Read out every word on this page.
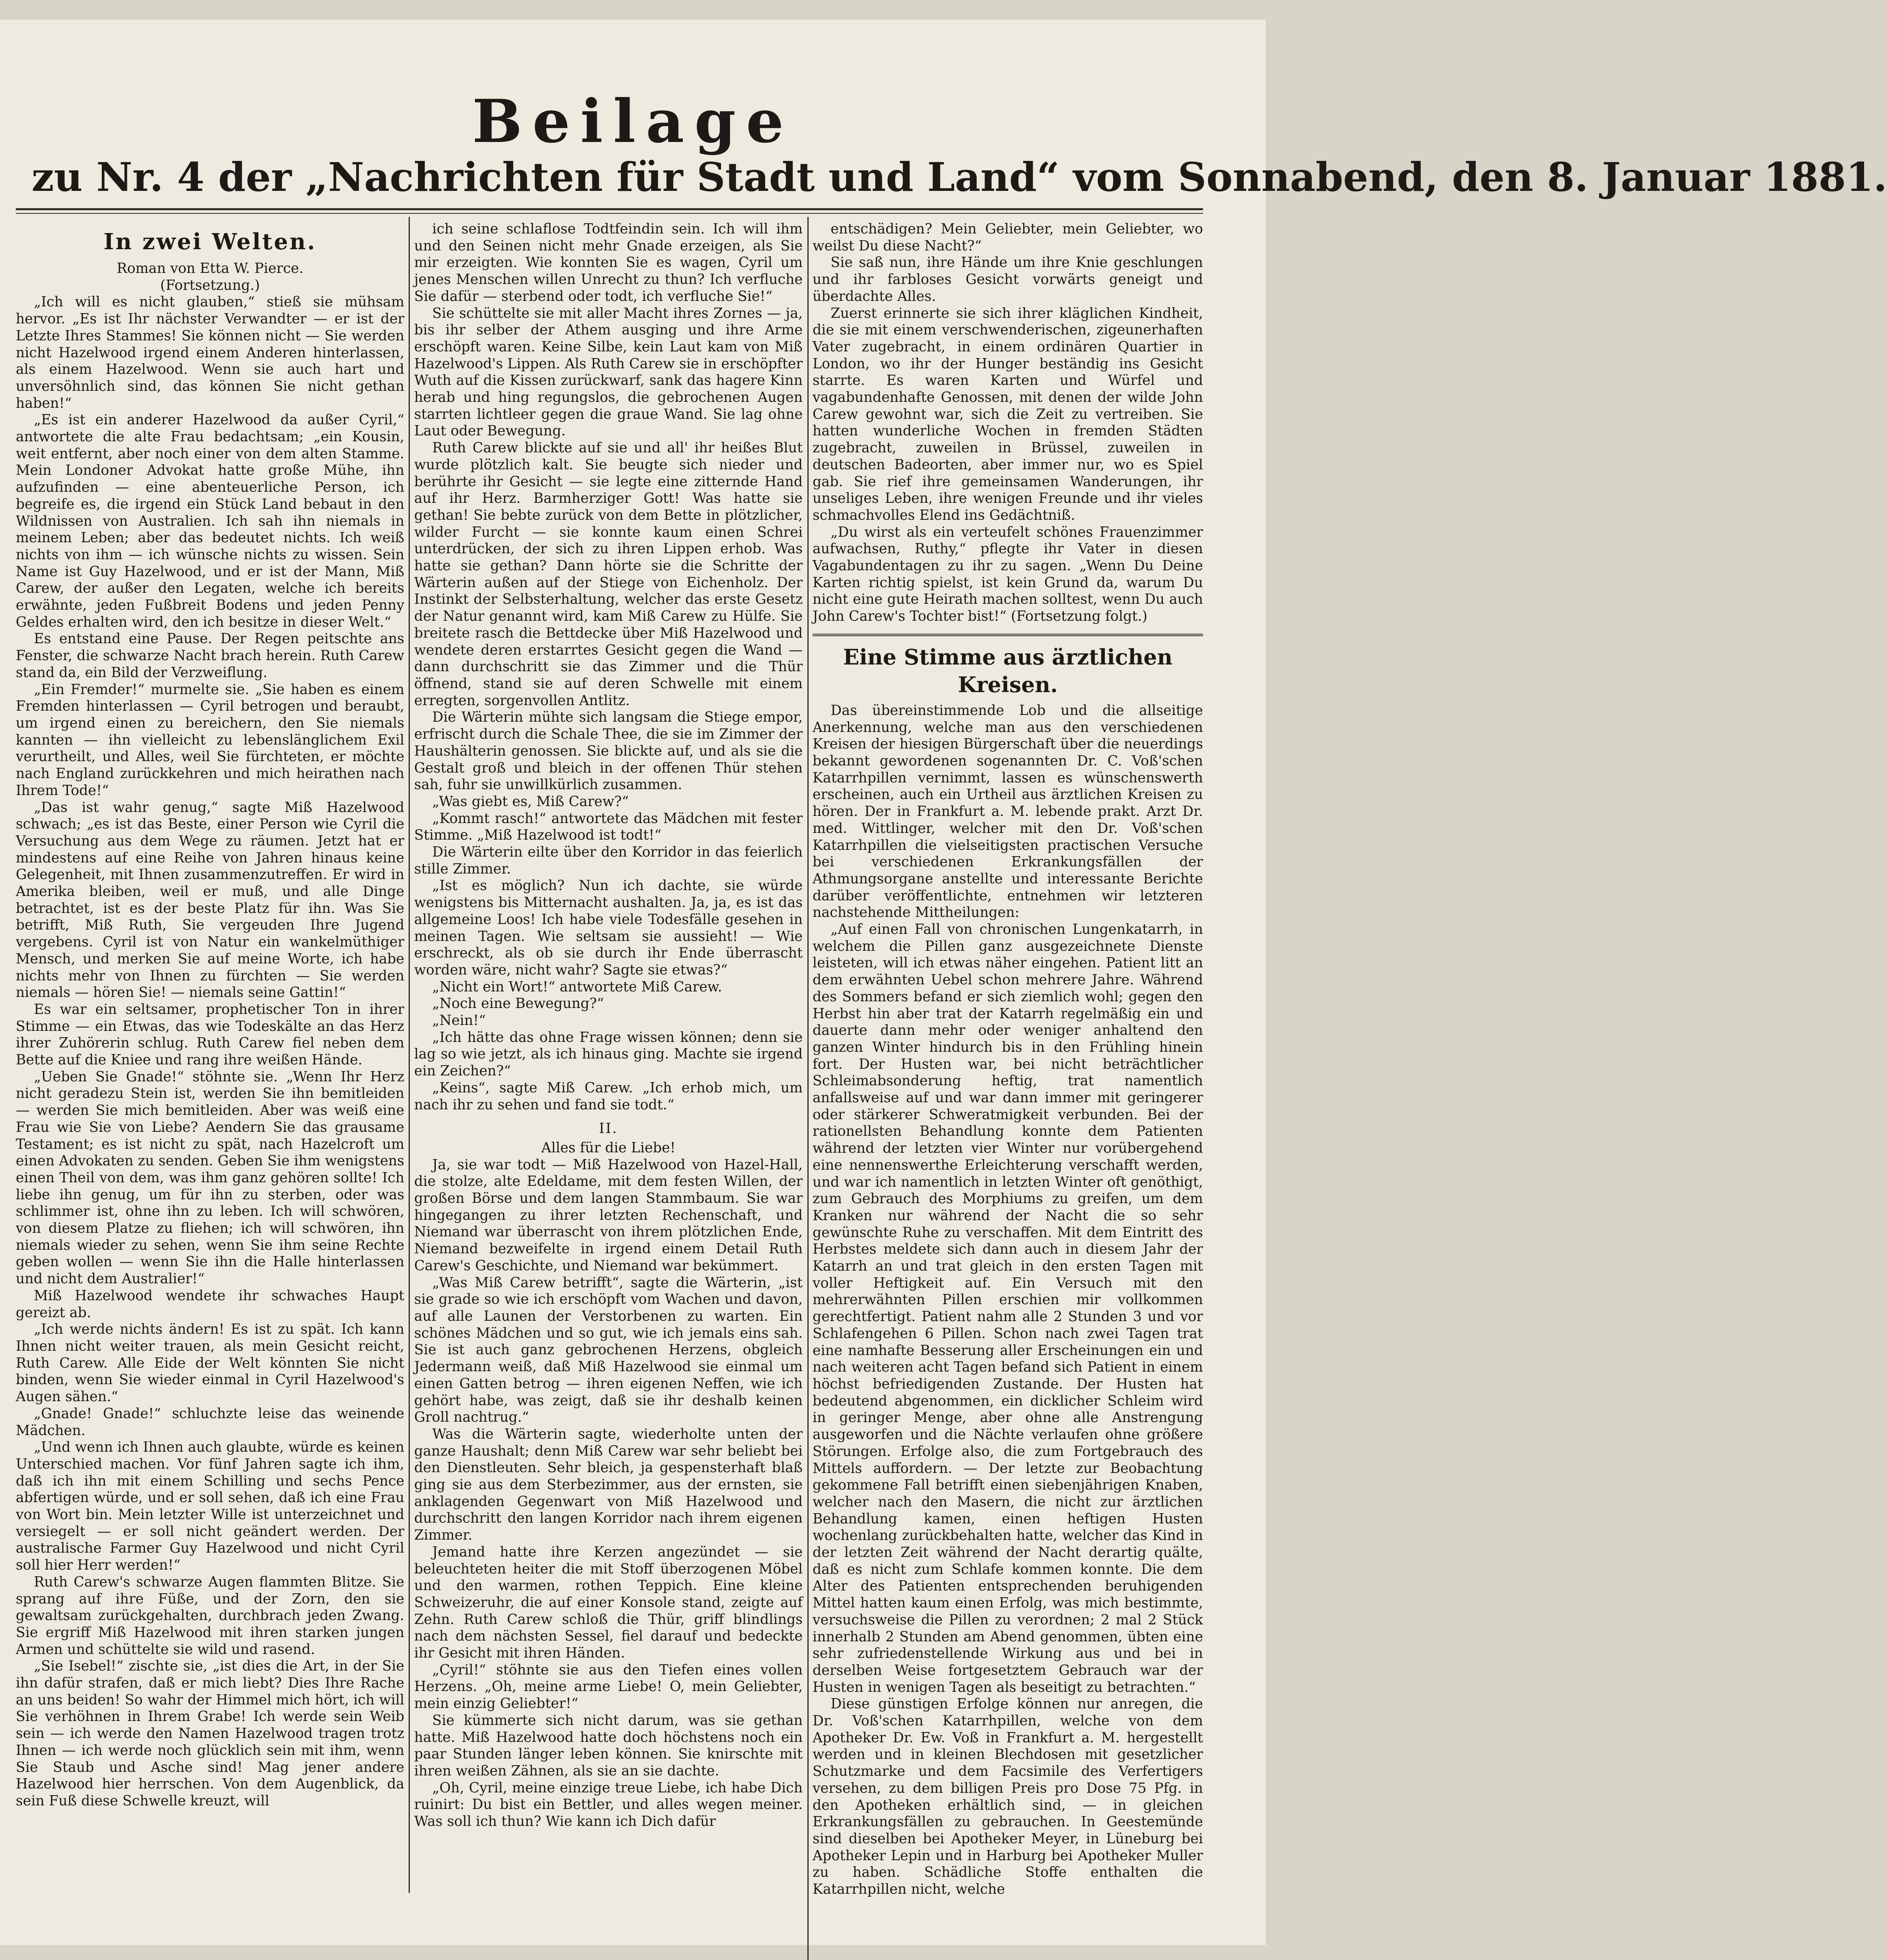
Beilage
zu Nr. 4 der „Nachrichten für Stadt und Land“ vom Sonnabend, den 8. Januar 1881.
In zwei Welten.

Roman von Etta W. Pierce.

(Fortsetzung.)

„Ich will es nicht glauben,“ stieß sie mühsam hervor. „Es ist Ihr nächster Verwandter — er ist der Letzte Ihres Stammes! Sie können nicht — Sie werden nicht Hazelwood irgend einem Anderen hinterlassen, als einem Hazelwood. Wenn sie auch hart und unversöhnlich sind, das können Sie nicht gethan haben!“

„Es ist ein anderer Hazelwood da außer Cyril,“ antwortete die alte Frau bedachtsam; „ein Kousin, weit entfernt, aber noch einer von dem alten Stamme. Mein Londoner Advokat hatte große Mühe, ihn aufzufinden — eine abenteuerliche Person, ich begreife es, die irgend ein Stück Land bebaut in den Wildnissen von Australien. Ich sah ihn niemals in meinem Leben; aber das bedeutet nichts. Ich weiß nichts von ihm — ich wünsche nichts zu wissen. Sein Name ist Guy Hazelwood, und er ist der Mann, Miß Carew, der außer den Legaten, welche ich bereits erwähnte, jeden Fußbreit Bodens und jeden Penny Geldes erhalten wird, den ich besitze in dieser Welt.“

Es entstand eine Pause. Der Regen peitschte ans Fenster, die schwarze Nacht brach herein. Ruth Carew stand da, ein Bild der Verzweiflung.

„Ein Fremder!“ murmelte sie. „Sie haben es einem Fremden hinterlassen — Cyril betrogen und beraubt, um irgend einen zu bereichern, den Sie niemals kannten — ihn vielleicht zu lebenslänglichem Exil verurtheilt, und Alles, weil Sie fürchteten, er möchte nach England zurückkehren und mich heirathen nach Ihrem Tode!“

„Das ist wahr genug,“ sagte Miß Hazelwood schwach; „es ist das Beste, einer Person wie Cyril die Versuchung aus dem Wege zu räumen. Jetzt hat er mindestens auf eine Reihe von Jahren hinaus keine Gelegenheit, mit Ihnen zusammenzutreffen. Er wird in Amerika bleiben, weil er muß, und alle Dinge betrachtet, ist es der beste Platz für ihn. Was Sie betrifft, Miß Ruth, Sie vergeuden Ihre Jugend vergebens. Cyril ist von Natur ein wankelmüthiger Mensch, und merken Sie auf meine Worte, ich habe nichts mehr von Ihnen zu fürchten — Sie werden niemals — hören Sie! — niemals seine Gattin!“

Es war ein seltsamer, prophetischer Ton in ihrer Stimme — ein Etwas, das wie Todeskälte an das Herz ihrer Zuhörerin schlug. Ruth Carew fiel neben dem Bette auf die Kniee und rang ihre weißen Hände.

„Ueben Sie Gnade!“ stöhnte sie. „Wenn Ihr Herz nicht geradezu Stein ist, werden Sie ihn bemitleiden — werden Sie mich bemitleiden. Aber was weiß eine Frau wie Sie von Liebe? Aendern Sie das grausame Testament; es ist nicht zu spät, nach Hazelcroft um einen Advokaten zu senden. Geben Sie ihm wenigstens einen Theil von dem, was ihm ganz gehören sollte! Ich liebe ihn genug, um für ihn zu sterben, oder was schlimmer ist, ohne ihn zu leben. Ich will schwören, von diesem Platze zu fliehen; ich will schwören, ihn niemals wieder zu sehen, wenn Sie ihm seine Rechte geben wollen — wenn Sie ihn die Halle hinterlassen und nicht dem Australier!“

Miß Hazelwood wendete ihr schwaches Haupt gereizt ab.

„Ich werde nichts ändern! Es ist zu spät. Ich kann Ihnen nicht weiter trauen, als mein Gesicht reicht, Ruth Carew. Alle Eide der Welt könnten Sie nicht binden, wenn Sie wieder einmal in Cyril Hazelwood's Augen sähen.“

„Gnade! Gnade!“ schluchzte leise das weinende Mädchen.

„Und wenn ich Ihnen auch glaubte, würde es keinen Unterschied machen. Vor fünf Jahren sagte ich ihm, daß ich ihn mit einem Schilling und sechs Pence abfertigen würde, und er soll sehen, daß ich eine Frau von Wort bin. Mein letzter Wille ist unterzeichnet und versiegelt — er soll nicht geändert werden. Der australische Farmer Guy Hazelwood und nicht Cyril soll hier Herr werden!“

Ruth Carew's schwarze Augen flammten Blitze. Sie sprang auf ihre Füße, und der Zorn, den sie gewaltsam zurückgehalten, durchbrach jeden Zwang. Sie ergriff Miß Hazelwood mit ihren starken jungen Armen und schüttelte sie wild und rasend.

„Sie Isebel!“ zischte sie, „ist dies die Art, in der Sie ihn dafür strafen, daß er mich liebt? Dies Ihre Rache an uns beiden! So wahr der Himmel mich hört, ich will Sie verhöhnen in Ihrem Grabe! Ich werde sein Weib sein — ich werde den Namen Hazelwood tragen trotz Ihnen — ich werde noch glücklich sein mit ihm, wenn Sie Staub und Asche sind! Mag jener andere Hazelwood hier herrschen. Von dem Augenblick, da sein Fuß diese Schwelle kreuzt, will

ich seine schlaflose Todtfeindin sein. Ich will ihm und den Seinen nicht mehr Gnade erzeigen, als Sie mir erzeigten. Wie konnten Sie es wagen, Cyril um jenes Menschen willen Unrecht zu thun? Ich verfluche Sie dafür — sterbend oder todt, ich verfluche Sie!“

Sie schüttelte sie mit aller Macht ihres Zornes — ja, bis ihr selber der Athem ausging und ihre Arme erschöpft waren. Keine Silbe, kein Laut kam von Miß Hazelwood's Lippen. Als Ruth Carew sie in erschöpfter Wuth auf die Kissen zurückwarf, sank das hagere Kinn herab und hing regungslos, die gebrochenen Augen starrten lichtleer gegen die graue Wand. Sie lag ohne Laut oder Bewegung.

Ruth Carew blickte auf sie und all' ihr heißes Blut wurde plötzlich kalt. Sie beugte sich nieder und berührte ihr Gesicht — sie legte eine zitternde Hand auf ihr Herz. Barmherziger Gott! Was hatte sie gethan! Sie bebte zurück von dem Bette in plötzlicher, wilder Furcht — sie konnte kaum einen Schrei unterdrücken, der sich zu ihren Lippen erhob. Was hatte sie gethan? Dann hörte sie die Schritte der Wärterin außen auf der Stiege von Eichenholz. Der Instinkt der Selbsterhaltung, welcher das erste Gesetz der Natur genannt wird, kam Miß Carew zu Hülfe. Sie breitete rasch die Bettdecke über Miß Hazelwood und wendete deren erstarrtes Gesicht gegen die Wand — dann durchschritt sie das Zimmer und die Thür öffnend, stand sie auf deren Schwelle mit einem erregten, sorgenvollen Antlitz.

Die Wärterin mühte sich langsam die Stiege empor, erfrischt durch die Schale Thee, die sie im Zimmer der Haushälterin genossen. Sie blickte auf, und als sie die Gestalt groß und bleich in der offenen Thür stehen sah, fuhr sie unwillkürlich zusammen.

„Was giebt es, Miß Carew?“

„Kommt rasch!“ antwortete das Mädchen mit fester Stimme. „Miß Hazelwood ist todt!“

Die Wärterin eilte über den Korridor in das feierlich stille Zimmer.

„Ist es möglich? Nun ich dachte, sie würde wenigstens bis Mitternacht aushalten. Ja, ja, es ist das allgemeine Loos! Ich habe viele Todesfälle gesehen in meinen Tagen. Wie seltsam sie aussieht! — Wie erschreckt, als ob sie durch ihr Ende überrascht worden wäre, nicht wahr? Sagte sie etwas?“

„Nicht ein Wort!“ antwortete Miß Carew.

„Noch eine Bewegung?“

„Nein!“

„Ich hätte das ohne Frage wissen können; denn sie lag so wie jetzt, als ich hinaus ging. Machte sie irgend ein Zeichen?“

„Keins“, sagte Miß Carew. „Ich erhob mich, um nach ihr zu sehen und fand sie todt.“

II.

Alles für die Liebe!

Ja, sie war todt — Miß Hazelwood von Hazel-Hall, die stolze, alte Edeldame, mit dem festen Willen, der großen Börse und dem langen Stammbaum. Sie war hingegangen zu ihrer letzten Rechenschaft, und Niemand war überrascht von ihrem plötzlichen Ende, Niemand bezweifelte in irgend einem Detail Ruth Carew's Geschichte, und Niemand war bekümmert.

„Was Miß Carew betrifft“, sagte die Wärterin, „ist sie grade so wie ich erschöpft vom Wachen und davon, auf alle Launen der Verstorbenen zu warten. Ein schönes Mädchen und so gut, wie ich jemals eins sah. Sie ist auch ganz gebrochenen Herzens, obgleich Jedermann weiß, daß Miß Hazelwood sie einmal um einen Gatten betrog — ihren eigenen Neffen, wie ich gehört habe, was zeigt, daß sie ihr deshalb keinen Groll nachtrug.“

Was die Wärterin sagte, wiederholte unten der ganze Haushalt; denn Miß Carew war sehr beliebt bei den Dienstleuten. Sehr bleich, ja gespensterhaft blaß ging sie aus dem Sterbezimmer, aus der ernsten, sie anklagenden Gegenwart von Miß Hazelwood und durchschritt den langen Korridor nach ihrem eigenen Zimmer.

Jemand hatte ihre Kerzen angezündet — sie beleuchteten heiter die mit Stoff überzogenen Möbel und den warmen, rothen Teppich. Eine kleine Schweizeruhr, die auf einer Konsole stand, zeigte auf Zehn. Ruth Carew schloß die Thür, griff blindlings nach dem nächsten Sessel, fiel darauf und bedeckte ihr Gesicht mit ihren Händen.

„Cyril!“ stöhnte sie aus den Tiefen eines vollen Herzens. „Oh, meine arme Liebe! O, mein Geliebter, mein einzig Geliebter!“

Sie kümmerte sich nicht darum, was sie gethan hatte. Miß Hazelwood hatte doch höchstens noch ein paar Stunden länger leben können. Sie knirschte mit ihren weißen Zähnen, als sie an sie dachte.

„Oh, Cyril, meine einzige treue Liebe, ich habe Dich ruinirt: Du bist ein Bettler, und alles wegen meiner. Was soll ich thun? Wie kann ich Dich dafür

entschädigen? Mein Geliebter, mein Geliebter, wo weilst Du diese Nacht?“

Sie saß nun, ihre Hände um ihre Knie geschlungen und ihr farbloses Gesicht vorwärts geneigt und überdachte Alles.

Zuerst erinnerte sie sich ihrer kläglichen Kindheit, die sie mit einem verschwenderischen, zigeunerhaften Vater zugebracht, in einem ordinären Quartier in London, wo ihr der Hunger beständig ins Gesicht starrte. Es waren Karten und Würfel und vagabundenhafte Genossen, mit denen der wilde John Carew gewohnt war, sich die Zeit zu vertreiben. Sie hatten wunderliche Wochen in fremden Städten zugebracht, zuweilen in Brüssel, zuweilen in deutschen Badeorten, aber immer nur, wo es Spiel gab. Sie rief ihre gemeinsamen Wanderungen, ihr unseliges Leben, ihre wenigen Freunde und ihr vieles schmachvolles Elend ins Gedächtniß.

„Du wirst als ein verteufelt schönes Frauenzimmer aufwachsen, Ruthy,“ pflegte ihr Vater in diesen Vagabundentagen zu ihr zu sagen. „Wenn Du Deine Karten richtig spielst, ist kein Grund da, warum Du nicht eine gute Heirath machen solltest, wenn Du auch John Carew's Tochter bist!“ (Fortsetzung folgt.)

Eine Stimme aus ärztlichen Kreisen.

Das übereinstimmende Lob und die allseitige Anerkennung, welche man aus den verschiedenen Kreisen der hiesigen Bürgerschaft über die neuerdings bekannt gewordenen sogenannten Dr. C. Voß'schen Katarrhpillen vernimmt, lassen es wünschenswerth erscheinen, auch ein Urtheil aus ärztlichen Kreisen zu hören. Der in Frankfurt a. M. lebende prakt. Arzt Dr. med. Wittlinger, welcher mit den Dr. Voß'schen Katarrhpillen die vielseitigsten practischen Versuche bei verschiedenen Erkrankungsfällen der Athmungsorgane anstellte und interessante Berichte darüber veröffentlichte, entnehmen wir letzteren nachstehende Mittheilungen:

„Auf einen Fall von chronischen Lungenkatarrh, in welchem die Pillen ganz ausgezeichnete Dienste leisteten, will ich etwas näher eingehen. Patient litt an dem erwähnten Uebel schon mehrere Jahre. Während des Sommers befand er sich ziemlich wohl; gegen den Herbst hin aber trat der Katarrh regelmäßig ein und dauerte dann mehr oder weniger anhaltend den ganzen Winter hindurch bis in den Frühling hinein fort. Der Husten war, bei nicht beträchtlicher Schleimabsonderung heftig, trat namentlich anfallsweise auf und war dann immer mit geringerer oder stärkerer Schweratmigkeit verbunden. Bei der rationellsten Behandlung konnte dem Patienten während der letzten vier Winter nur vorübergehend eine nennenswerthe Erleichterung verschafft werden, und war ich namentlich in letzten Winter oft genöthigt, zum Gebrauch des Morphiums zu greifen, um dem Kranken nur während der Nacht die so sehr gewünschte Ruhe zu verschaffen. Mit dem Eintritt des Herbstes meldete sich dann auch in diesem Jahr der Katarrh an und trat gleich in den ersten Tagen mit voller Heftigkeit auf. Ein Versuch mit den mehrerwähnten Pillen erschien mir vollkommen gerechtfertigt. Patient nahm alle 2 Stunden 3 und vor Schlafengehen 6 Pillen. Schon nach zwei Tagen trat eine namhafte Besserung aller Erscheinungen ein und nach weiteren acht Tagen befand sich Patient in einem höchst befriedigenden Zustande. Der Husten hat bedeutend abgenommen, ein dicklicher Schleim wird in geringer Menge, aber ohne alle Anstrengung ausgeworfen und die Nächte verlaufen ohne größere Störungen. Erfolge also, die zum Fortgebrauch des Mittels auffordern. — Der letzte zur Beobachtung gekommene Fall betrifft einen siebenjährigen Knaben, welcher nach den Masern, die nicht zur ärztlichen Behandlung kamen, einen heftigen Husten wochenlang zurückbehalten hatte, welcher das Kind in der letzten Zeit während der Nacht derartig quälte, daß es nicht zum Schlafe kommen konnte. Die dem Alter des Patienten entsprechenden beruhigenden Mittel hatten kaum einen Erfolg, was mich bestimmte, versuchsweise die Pillen zu verordnen; 2 mal 2 Stück innerhalb 2 Stunden am Abend genommen, übten eine sehr zufriedenstellende Wirkung aus und bei in derselben Weise fortgesetztem Gebrauch war der Husten in wenigen Tagen als beseitigt zu betrachten.“

Diese günstigen Erfolge können nur anregen, die Dr. Voß'schen Katarrhpillen, welche von dem Apotheker Dr. Ew. Voß in Frankfurt a. M. hergestellt werden und in kleinen Blechdosen mit gesetzlicher Schutzmarke und dem Facsimile des Verfertigers versehen, zu dem billigen Preis pro Dose 75 Pfg. in den Apotheken erhältlich sind, — in gleichen Erkrankungsfällen zu gebrauchen. In Geestemünde sind dieselben bei Apotheker Meyer, in Lüneburg bei Apotheker Lepin und in Harburg bei Apotheker Muller zu haben. Schädliche Stoffe enthalten die Katarrhpillen nicht, welche
